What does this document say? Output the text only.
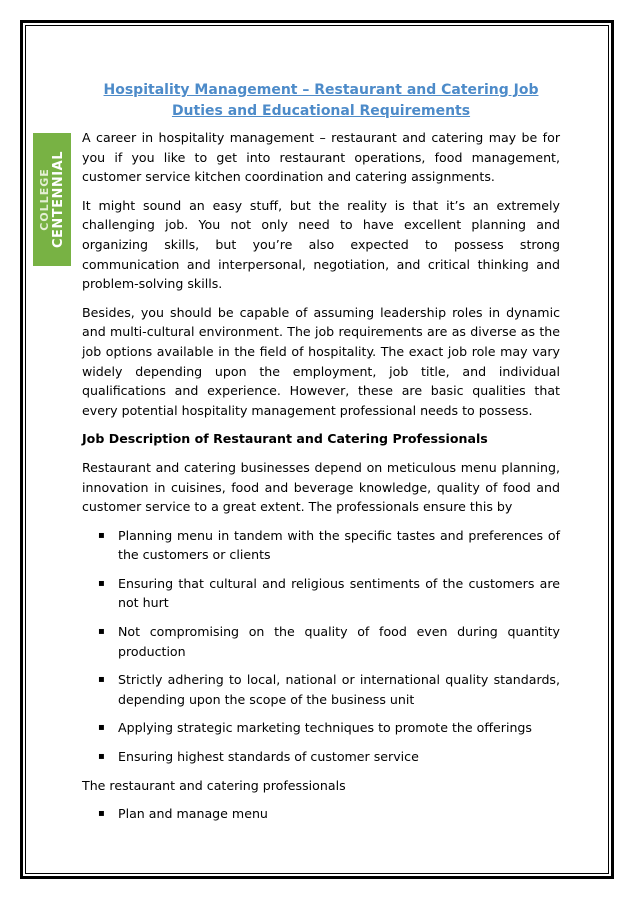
COLLEGE CENTENNIAL
Hospitality Management – Restaurant and Catering Job
Duties and Educational Requirements

A career in hospitality management – restaurant and catering may be for you if you like to get into restaurant operations, food management, customer service kitchen coordination and catering assignments.

It might sound an easy stuff, but the reality is that it’s an extremely challenging job. You not only need to have excellent planning and organizing skills, but you’re also expected to possess strong communication and interpersonal, negotiation, and critical thinking and problem-solving skills.

Besides, you should be capable of assuming leadership roles in dynamic and multi-cultural environment. The job requirements are as diverse as the job options available in the field of hospitality. The exact job role may vary widely depending upon the employment, job title, and individual qualifications and experience. However, these are basic qualities that every potential hospitality management professional needs to possess.

Job Description of Restaurant and Catering Professionals

Restaurant and catering businesses depend on meticulous menu planning, innovation in cuisines, food and beverage knowledge, quality of food and customer service to a great extent. The professionals ensure this by

▪ Planning menu in tandem with the specific tastes and preferences of the customers or clients
▪ Ensuring that cultural and religious sentiments of the customers are not hurt
▪ Not compromising on the quality of food even during quantity production
▪ Strictly adhering to local, national or international quality standards, depending upon the scope of the business unit
▪ Applying strategic marketing techniques to promote the offerings
▪ Ensuring highest standards of customer service

The restaurant and catering professionals

▪ Plan and manage menu
